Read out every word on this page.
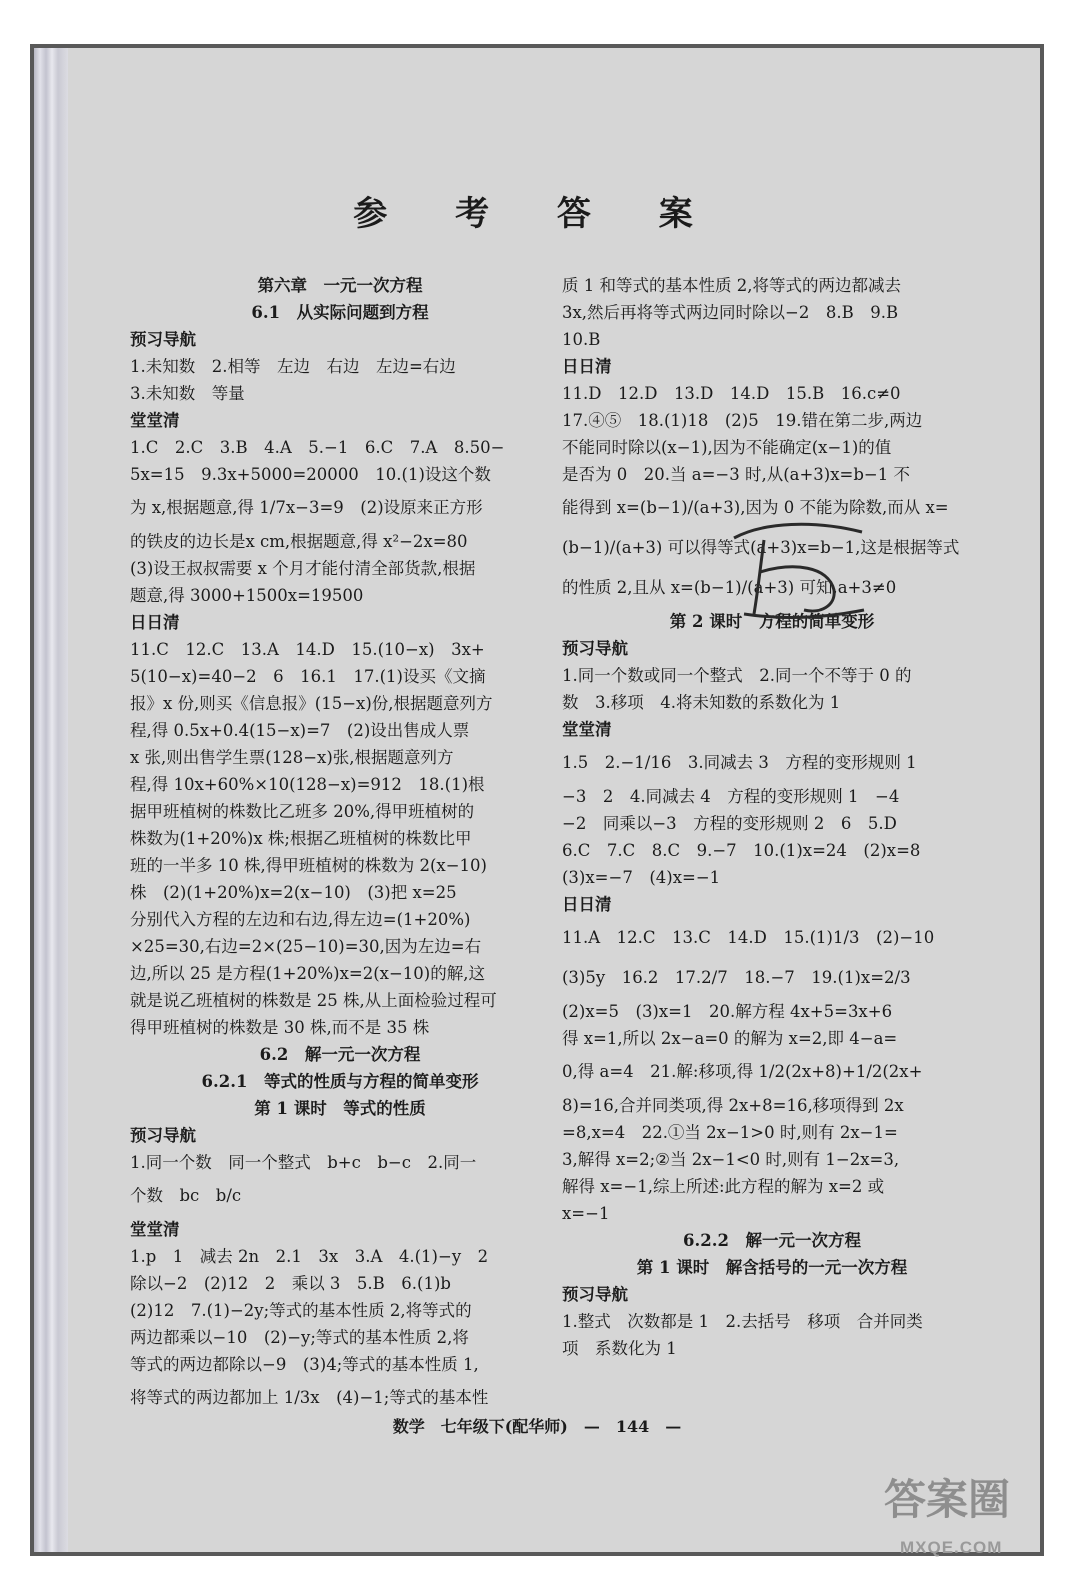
参 考 答 案
第六章　一元一次方程
6.1　从实际问题到方程
预习导航
1.未知数　2.相等　左边　右边　左边=右边
3.未知数　等量
堂堂清
1.C　2.C　3.B　4.A　5.−1　6.C　7.A　8.50−
5x=15　9.3x+5000=20000　10.(1)设这个数
为 x,根据题意,得 1/7x−3=9　(2)设原来正方形
的铁皮的边长是x cm,根据题意,得 x²−2x=80
(3)设王叔叔需要 x 个月才能付清全部货款,根据
题意,得 3000+1500x=19500
日日清
11.C　12.C　13.A　14.D　15.(10−x)　3x+
5(10−x)=40−2　6　16.1　17.(1)设买《文摘
报》x 份,则买《信息报》(15−x)份,根据题意列方
程,得 0.5x+0.4(15−x)=7　(2)设出售成人票
x 张,则出售学生票(128−x)张,根据题意列方
程,得 10x+60%×10(128−x)=912　18.(1)根
据甲班植树的株数比乙班多 20%,得甲班植树的
株数为(1+20%)x 株;根据乙班植树的株数比甲
班的一半多 10 株,得甲班植树的株数为 2(x−10)
株　(2)(1+20%)x=2(x−10)　(3)把 x=25
分别代入方程的左边和右边,得左边=(1+20%)
×25=30,右边=2×(25−10)=30,因为左边=右
边,所以 25 是方程(1+20%)x=2(x−10)的解,这
就是说乙班植树的株数是 25 株,从上面检验过程可
得甲班植树的株数是 30 株,而不是 35 株
6.2　解一元一次方程
6.2.1　等式的性质与方程的简单变形
第 1 课时　等式的性质
预习导航
1.同一个数　同一个整式　b+c　b−c　2.同一
个数　bc　b/c
堂堂清
1.p　1　减去 2n　2.1　3x　3.A　4.(1)−y　2
除以−2　(2)12　2　乘以 3　5.B　6.(1)b
(2)12　7.(1)−2y;等式的基本性质 2,将等式的
两边都乘以−10　(2)−y;等式的基本性质 2,将
等式的两边都除以−9　(3)4;等式的基本性质 1,
将等式的两边都加上 1/3x　(4)−1;等式的基本性
质 1 和等式的基本性质 2,将等式的两边都减去
3x,然后再将等式两边同时除以−2　8.B　9.B
10.B
日日清
11.D　12.D　13.D　14.D　15.B　16.c≠0
17.④⑤　18.(1)18　(2)5　19.错在第二步,两边
不能同时除以(x−1),因为不能确定(x−1)的值
是否为 0　20.当 a=−3 时,从(a+3)x=b−1 不
能得到 x=(b−1)/(a+3),因为 0 不能为除数,而从 x=
(b−1)/(a+3) 可以得等式(a+3)x=b−1,这是根据等式
的性质 2,且从 x=(b−1)/(a+3) 可知,a+3≠0
第 2 课时　方程的简单变形
预习导航
1.同一个数或同一个整式　2.同一个不等于 0 的
数　3.移项　4.将未知数的系数化为 1
堂堂清
1.5　2.−1/16　3.同减去 3　方程的变形规则 1
−3　2　4.同减去 4　方程的变形规则 1　−4
−2　同乘以−3　方程的变形规则 2　6　5.D
6.C　7.C　8.C　9.−7　10.(1)x=24　(2)x=8
(3)x=−7　(4)x=−1
日日清
11.A　12.C　13.C　14.D　15.(1)1/3　(2)−10
(3)5y　16.2　17.2/7　18.−7　19.(1)x=2/3
(2)x=5　(3)x=1　20.解方程 4x+5=3x+6
得 x=1,所以 2x−a=0 的解为 x=2,即 4−a=
0,得 a=4　21.解:移项,得 1/2(2x+8)+1/2(2x+
8)=16,合并同类项,得 2x+8=16,移项得到 2x
=8,x=4　22.①当 2x−1>0 时,则有 2x−1=
3,解得 x=2;②当 2x−1<0 时,则有 1−2x=3,
解得 x=−1,综上所述:此方程的解为 x=2 或
x=−1
6.2.2　解一元一次方程
第 1 课时　解含括号的一元一次方程
预习导航
1.整式　次数都是 1　2.去括号　移项　合并同类
项　系数化为 1
数学　七年级下(配华师)　—　144　—
答案圈
MXQE.COM
